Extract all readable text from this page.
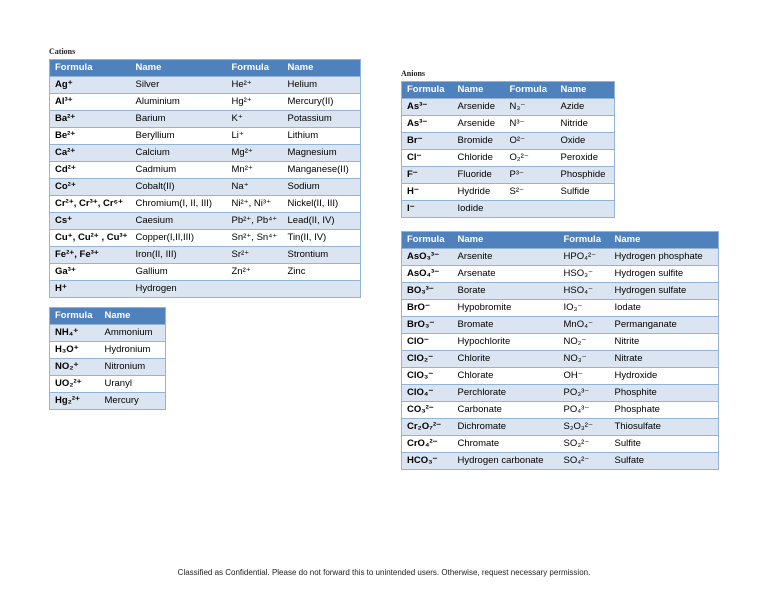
Cations
Formula	Name	Formula	Name
Ag⁺	Silver	He²⁺	Helium
Al³⁺	Aluminium	Hg²⁺	Mercury(II)
Ba²⁺	Barium	K⁺	Potassium
Be²⁺	Beryllium	Li⁺	Lithium
Ca²⁺	Calcium	Mg²⁺	Magnesium
Cd²⁺	Cadmium	Mn²⁺	Manganese(II)
Co²⁺	Cobalt(II)	Na⁺	Sodium
Cr²⁺, Cr³⁺, Cr⁶⁺	Chromium(I, II, III)	Ni²⁺, Ni³⁺	Nickel(II, III)
Cs⁺	Caesium	Pb²⁺, Pb⁴⁺	Lead(II, IV)
Cu⁺, Cu²⁺ , Cu³⁺	Copper(I,II,III)	Sn²⁺, Sn⁴⁺	Tin(II, IV)
Fe²⁺, Fe³⁺	Iron(II, III)	Sr²⁺	Strontium
Ga³⁺	Gallium	Zn²⁺	Zinc
H⁺	Hydrogen		
Formula	Name
NH₄⁺	Ammonium
H₃O⁺	Hydronium
NO₂⁺	Nitronium
UO₂²⁺	Uranyl
Hg₂²⁺	Mercury
Anions
Formula	Name	Formula	Name
As³⁻	Arsenide	N₃⁻	Azide
As³⁻	Arsenide	N³⁻	Nitride
Br⁻	Bromide	O²⁻	Oxide
Cl⁻	Chloride	O₂²⁻	Peroxide
F⁻	Fluoride	P³⁻	Phosphide
H⁻	Hydride	S²⁻	Sulfide
I⁻	Iodide		
Formula	Name	Formula	Name
AsO₃³⁻	Arsenite	HPO₄²⁻	Hydrogen phosphate
AsO₄³⁻	Arsenate	HSO₃⁻	Hydrogen sulfite
BO₃³⁻	Borate	HSO₄⁻	Hydrogen sulfate
BrO⁻	Hypobromite	IO₃⁻	Iodate
BrO₃⁻	Bromate	MnO₄⁻	Permanganate
ClO⁻	Hypochlorite	NO₂⁻	Nitrite
ClO₂⁻	Chlorite	NO₃⁻	Nitrate
ClO₃⁻	Chlorate	OH⁻	Hydroxide
ClO₄⁻	Perchlorate	PO₃³⁻	Phosphite
CO₃²⁻	Carbonate	PO₄³⁻	Phosphate
Cr₂O₇²⁻	Dichromate	S₂O₃²⁻	Thiosulfate
CrO₄²⁻	Chromate	SO₃²⁻	Sulfite
HCO₃⁻	Hydrogen carbonate	SO₄²⁻	Sulfate
Classified as Confidential. Please do not forward this to unintended users. Otherwise, request necessary permission.
